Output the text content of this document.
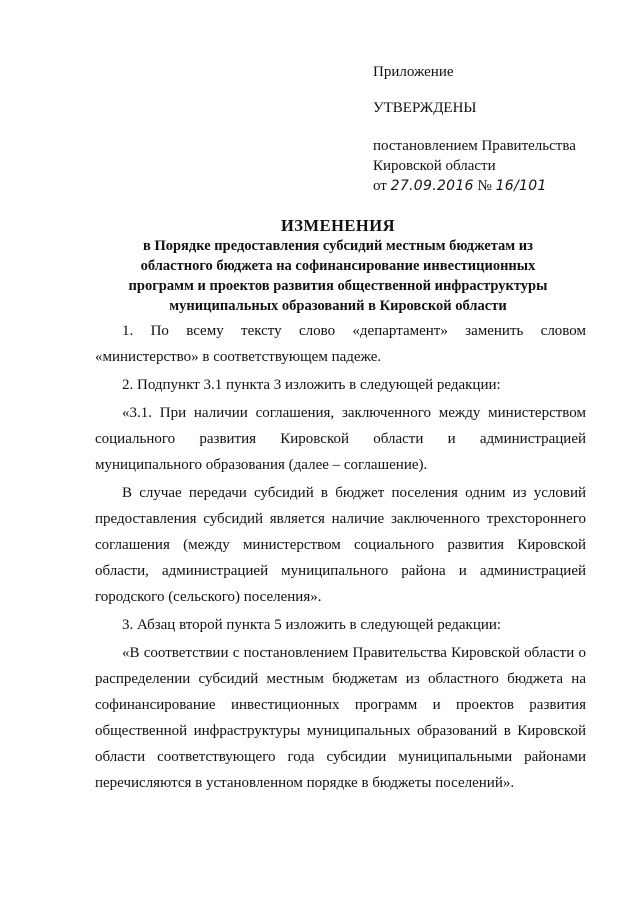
Приложение
УТВЕРЖДЕНЫ
постановлением Правительства
Кировской области
от 27.09.2016 № 16/101
ИЗМЕНЕНИЯ
в Порядке предоставления субсидий местным бюджетам из
областного бюджета на софинансирование инвестиционных
программ и проектов развития общественной инфраструктуры
муниципальных образований в Кировской области

1. По всему тексту слово «департамент» заменить словом «министерство» в соответствующем падеже.

2. Подпункт 3.1 пункта 3 изложить в следующей редакции:

«3.1. При наличии соглашения, заключенного между министерством социального развития Кировской области и администрацией муниципального образования (далее – соглашение).

В случае передачи субсидий в бюджет поселения одним из условий предоставления субсидий является наличие заключенного трехстороннего соглашения (между министерством социального развития Кировской области, администрацией муниципального района и администрацией городского (сельского) поселения».

3. Абзац второй пункта 5 изложить в следующей редакции:

«В соответствии с постановлением Правительства Кировской области о распределении субсидий местным бюджетам из областного бюджета на софинансирование инвестиционных программ и проектов развития общественной инфраструктуры муниципальных образований в Кировской области соответствующего года субсидии муниципальными районами перечисляются в установленном порядке в бюджеты поселений».
